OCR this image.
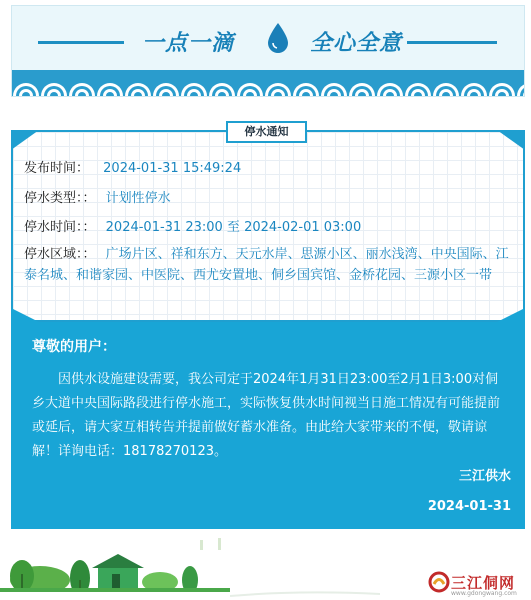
一点一滴	全心全意
停水通知
发布时间： 2024-01-31 15:49:24
停水类型：： 计划性停水
停水时间：： 2024-01-31 23:00 至 2024-02-01 03:00
停水区域：： 广场片区、祥和东方、天元水岸、思源小区、丽水浅湾、中央国际、江泰名城、和谐家园、中医院、西尤安置地、侗乡国宾馆、金桥花园、三源小区一带
尊敬的用户：
因供水设施建设需要，我公司定于2024年1月31日23:00至2月1日3:00对侗乡大道中央国际路段进行停水施工，实际恢复供水时间视当日施工情况有可能提前或延后，请大家互相转告并提前做好蓄水准备。由此给大家带来的不便，敬请谅解！详询电话：18178270123。
三江供水
2024-01-31
三江侗网
www.gdongwang.com
